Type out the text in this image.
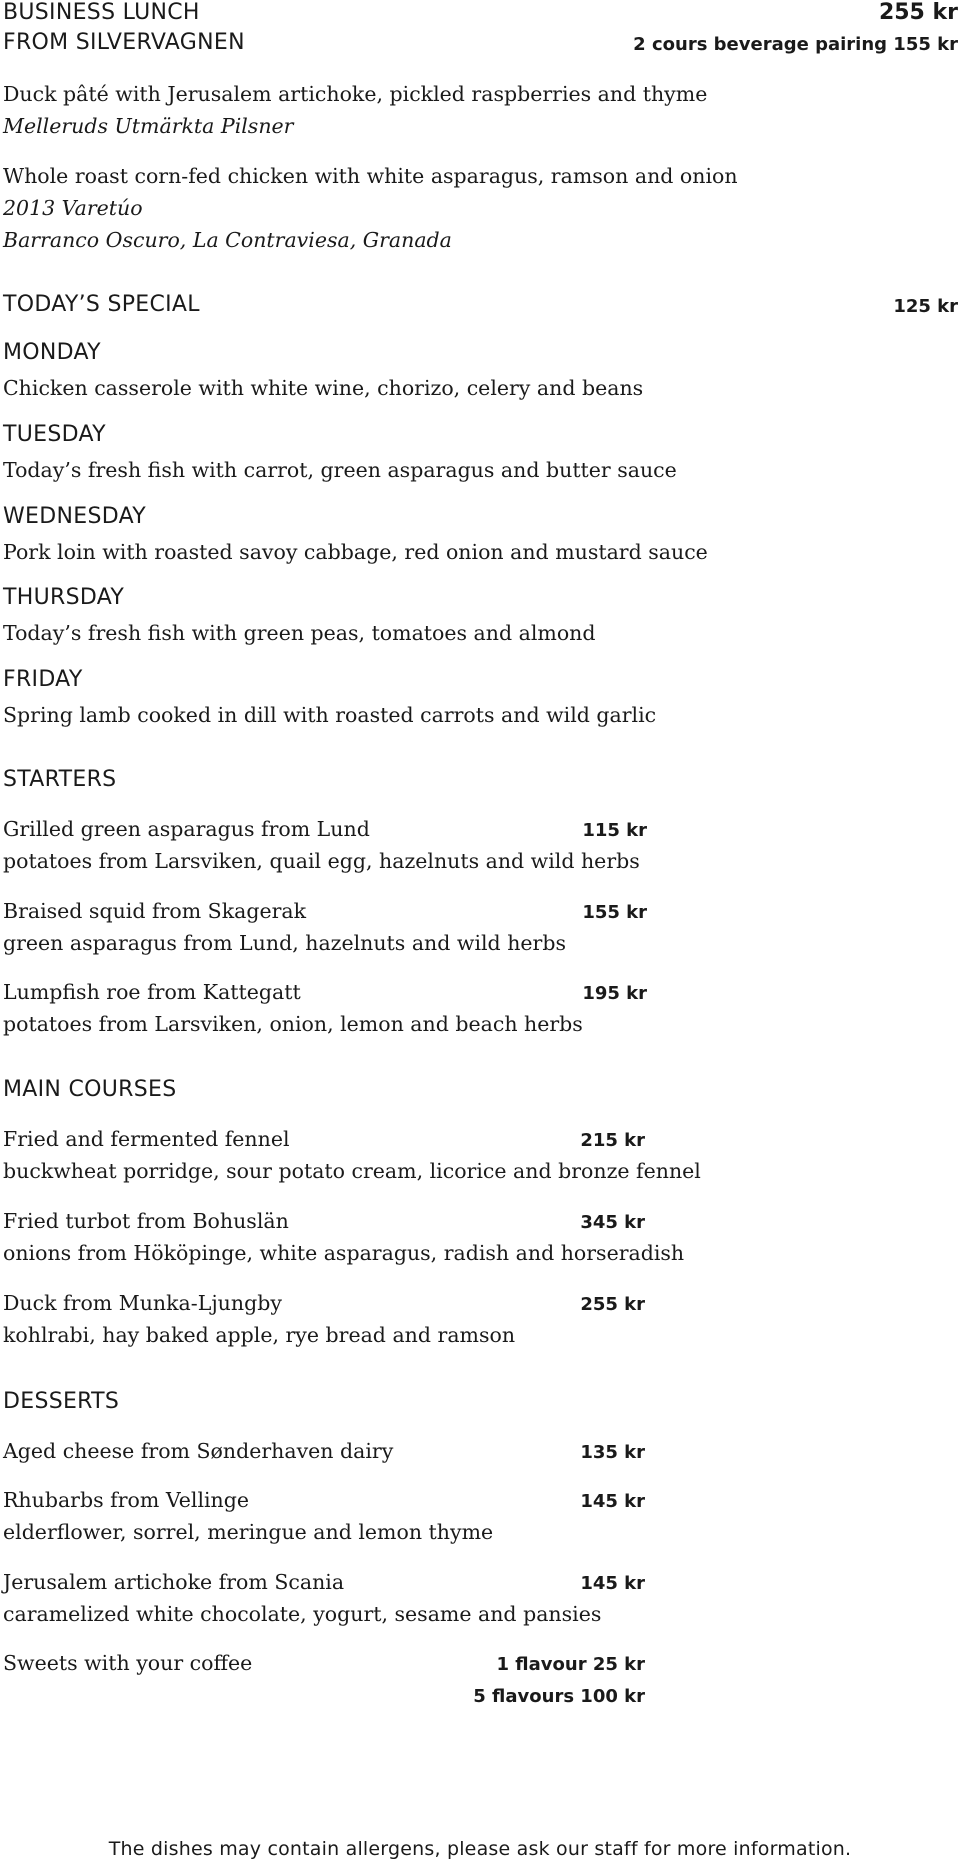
BUSINESS LUNCH
FROM SILVERVAGNEN
255 kr
2 cours beverage pairing 155 kr
Duck pâté with Jerusalem artichoke, pickled raspberries and thyme
Melleruds Utmärkta Pilsner
Whole roast corn-fed chicken with white asparagus, ramson and onion
2013 Varetúo
Barranco Oscuro, La Contraviesa, Granada
TODAY’S SPECIAL	125 kr
MONDAY
Chicken casserole with white wine, chorizo, celery and beans
TUESDAY
Today’s fresh fish with carrot, green asparagus and butter sauce
WEDNESDAY
Pork loin with roasted savoy cabbage, red onion and mustard sauce
THURSDAY
Today’s fresh fish with green peas, tomatoes and almond
FRIDAY
Spring lamb cooked in dill with roasted carrots and wild garlic
STARTERS
Grilled green asparagus from Lund	115 kr
potatoes from Larsviken, quail egg, hazelnuts and wild herbs
Braised squid from Skagerak	155 kr
green asparagus from Lund, hazelnuts and wild herbs
Lumpfish roe from Kattegatt	195 kr
potatoes from Larsviken, onion, lemon and beach herbs
MAIN COURSES
Fried and fermented fennel	215 kr
buckwheat porridge, sour potato cream, licorice and bronze fennel
Fried turbot from Bohuslän	345 kr
onions from Hököpinge, white asparagus, radish and horseradish
Duck from Munka-Ljungby	255 kr
kohlrabi, hay baked apple, rye bread and ramson
DESSERTS
Aged cheese from Sønderhaven dairy	135 kr
Rhubarbs from Vellinge	145 kr
elderflower, sorrel, meringue and lemon thyme
Jerusalem artichoke from Scania	145 kr
caramelized white chocolate, yogurt, sesame and pansies
Sweets with your coffee	1 flavour 25 kr
5 flavours 100 kr
The dishes may contain allergens, please ask our staff for more information.
